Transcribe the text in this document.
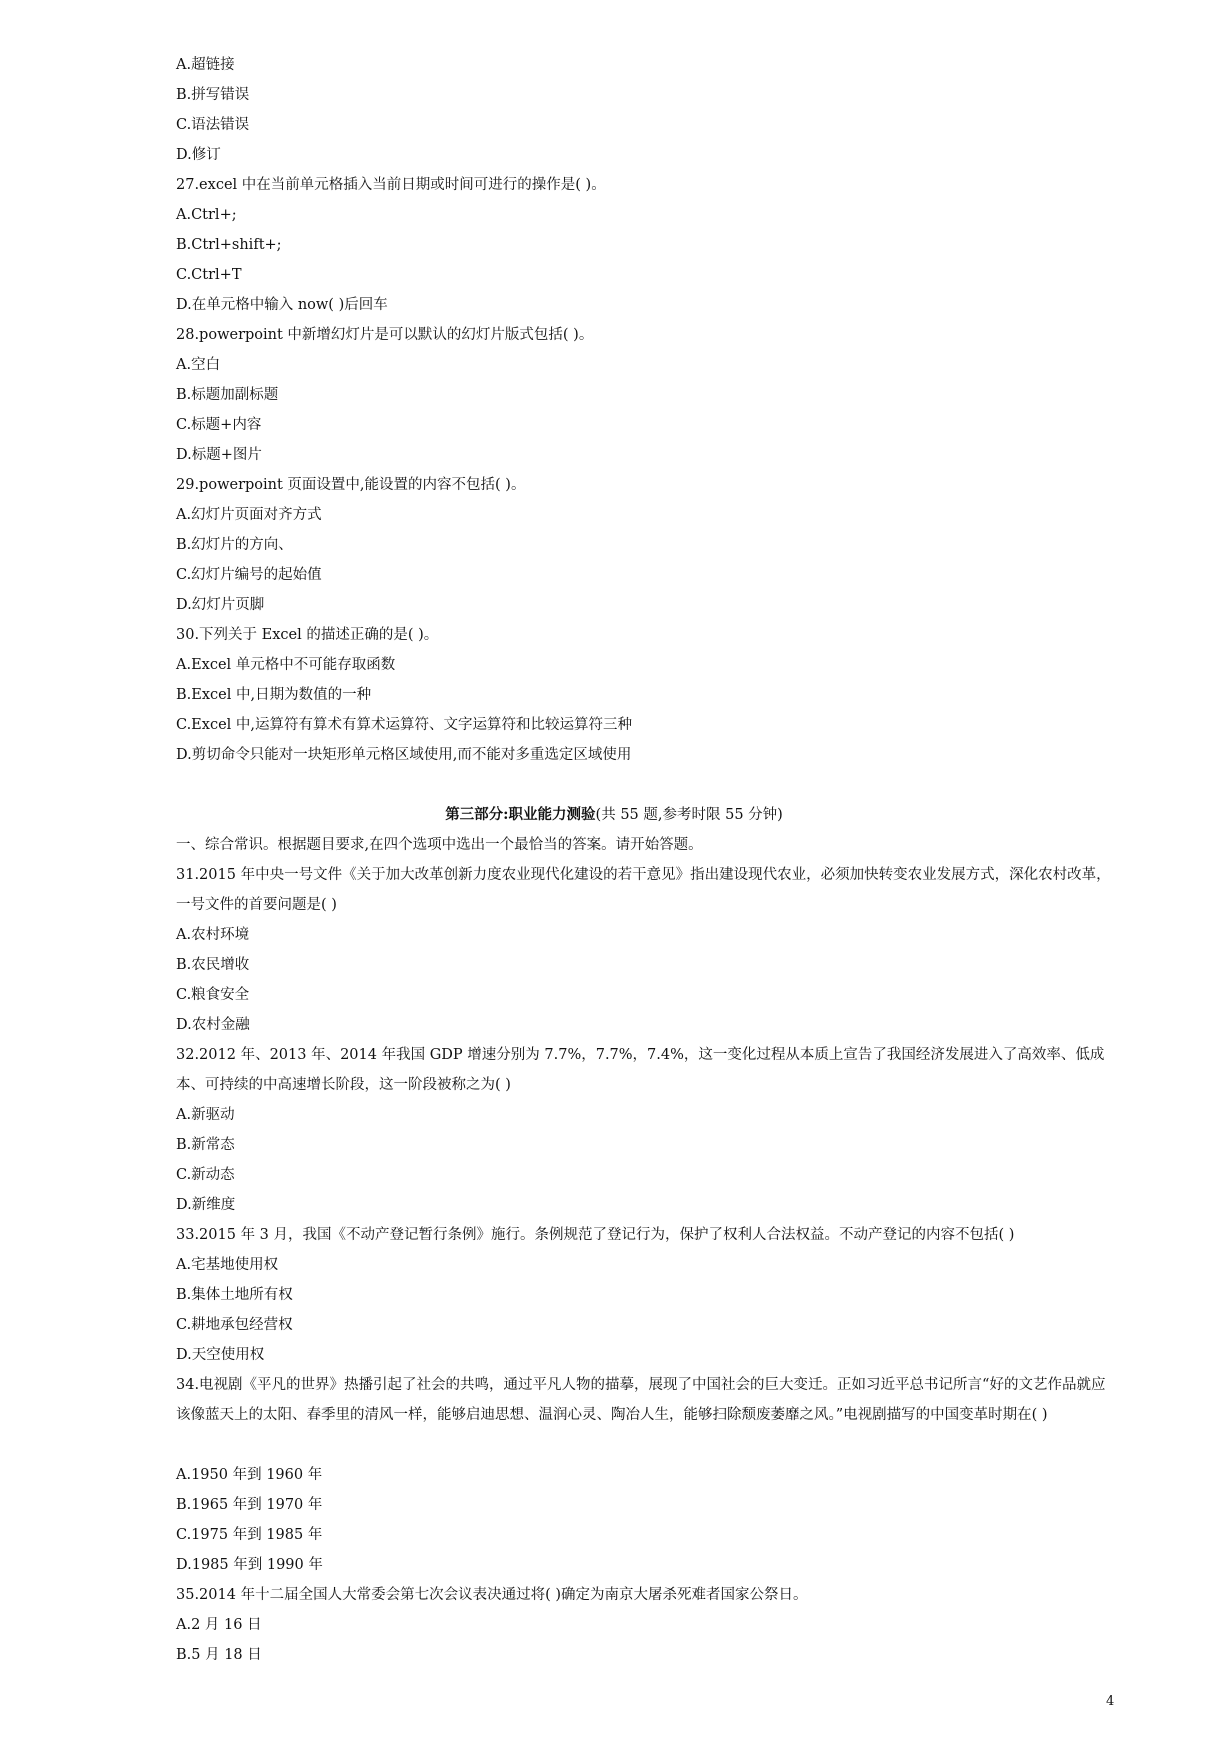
A.超链接
B.拼写错误
C.语法错误
D.修订
27.excel 中在当前单元格插入当前日期或时间可进行的操作是( )。
A.Ctrl+;
B.Ctrl+shift+;
C.Ctrl+T
D.在单元格中输入 now( )后回车
28.powerpoint 中新增幻灯片是可以默认的幻灯片版式包括( )。
A.空白
B.标题加副标题
C.标题+内容
D.标题+图片
29.powerpoint 页面设置中,能设置的内容不包括( )。
A.幻灯片页面对齐方式
B.幻灯片的方向、
C.幻灯片编号的起始值
D.幻灯片页脚
30.下列关于 Excel 的描述正确的是( )。
A.Excel 单元格中不可能存取函数
B.Excel 中,日期为数值的一种
C.Excel 中,运算符有算术有算术运算符、文字运算符和比较运算符三种
D.剪切命令只能对一块矩形单元格区域使用,而不能对多重选定区域使用
第三部分:职业能力测验(共 55 题,参考时限 55 分钟)
一、综合常识。根据题目要求,在四个选项中选出一个最恰当的答案。请开始答题。
31.2015 年中央一号文件《关于加大改革创新力度农业现代化建设的若干意见》指出建设现代农业，必须加快转变农业发展方式，深化农村改革，一号文件的首要问题是( )
A.农村环境
B.农民增收
C.粮食安全
D.农村金融
32.2012 年、2013 年、2014 年我国 GDP 增速分别为 7.7%，7.7%，7.4%，这一变化过程从本质上宣告了我国经济发展进入了高效率、低成本、可持续的中高速增长阶段，这一阶段被称之为( )
A.新驱动
B.新常态
C.新动态
D.新维度
33.2015 年 3 月，我国《不动产登记暂行条例》施行。条例规范了登记行为，保护了权利人合法权益。不动产登记的内容不包括( )
A.宅基地使用权
B.集体土地所有权
C.耕地承包经营权
D.天空使用权
34.电视剧《平凡的世界》热播引起了社会的共鸣，通过平凡人物的描摹，展现了中国社会的巨大变迁。正如习近平总书记所言“好的文艺作品就应该像蓝天上的太阳、春季里的清风一样，能够启迪思想、温润心灵、陶冶人生，能够扫除颓废萎靡之风。”电视剧描写的中国变革时期在( )
A.1950 年到 1960 年
B.1965 年到 1970 年
C.1975 年到 1985 年
D.1985 年到 1990 年
35.2014 年十二届全国人大常委会第七次会议表决通过将( )确定为南京大屠杀死难者国家公祭日。
A.2 月 16 日
B.5 月 18 日
4
